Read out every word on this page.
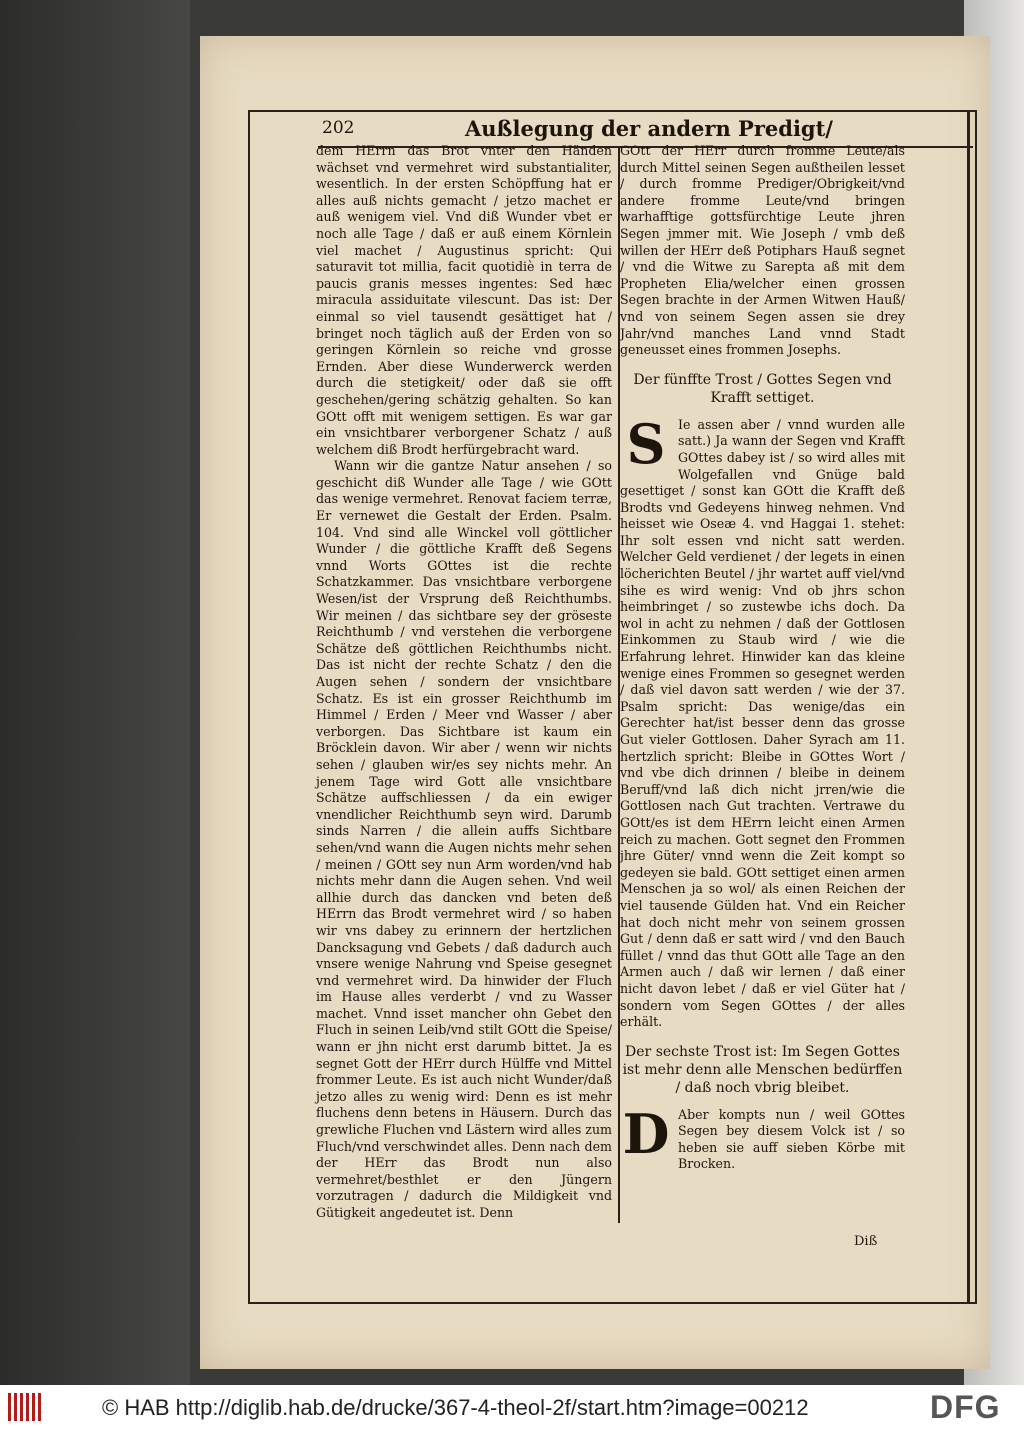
202	Außlegung der andern Predigt/

dem HErrn das Brot vnter den Händen wächset vnd vermehret wird substantialiter, wesentlich. In der ersten Schöpffung hat er alles auß nichts gemacht / jetzo machet er auß wenigem viel. Vnd diß Wunder vbet er noch alle Tage / daß er auß einem Körnlein viel machet / Augustinus spricht: Qui saturavit tot millia, facit quotidiè in terra de paucis granis messes ingentes: Sed hæc miracula assiduitate vilescunt. Das ist: Der einmal so viel tausendt gesättiget hat / bringet noch täglich auß der Erden von so geringen Körnlein so reiche vnd grosse Ernden. Aber diese Wunderwerck werden durch die stetigkeit/ oder daß sie offt geschehen/gering schätzig gehalten. So kan GOtt offt mit wenigem settigen. Es war gar ein vnsichtbarer verborgener Schatz / auß welchem diß Brodt herfürgebracht ward.

Wann wir die gantze Natur ansehen / so geschicht diß Wunder alle Tage / wie GOtt das wenige vermehret. Renovat faciem terræ, Er vernewet die Gestalt der Erden. Psalm. 104. Vnd sind alle Winckel voll göttlicher Wunder / die göttliche Krafft deß Segens vnnd Worts GOttes ist die rechte Schatzkammer. Das vnsichtbare verborgene Wesen/ist der Vrsprung deß Reichthumbs. Wir meinen / das sichtbare sey der gröseste Reichthumb / vnd verstehen die verborgene Schätze deß göttlichen Reichthumbs nicht. Das ist nicht der rechte Schatz / den die Augen sehen / sondern der vnsichtbare Schatz. Es ist ein grosser Reichthumb im Himmel / Erden / Meer vnd Wasser / aber verborgen. Das Sichtbare ist kaum ein Bröcklein davon. Wir aber / wenn wir nichts sehen / glauben wir/es sey nichts mehr. An jenem Tage wird Gott alle vnsichtbare Schätze auffschliessen / da ein ewiger vnendlicher Reichthumb seyn wird. Darumb sinds Narren / die allein auffs Sichtbare sehen/vnd wann die Augen nichts mehr sehen / meinen / GOtt sey nun Arm worden/vnd hab nichts mehr dann die Augen sehen. Vnd weil allhie durch das dancken vnd beten deß HErrn das Brodt vermehret wird / so haben wir vns dabey zu erinnern der hertzlichen Dancksagung vnd Gebets / daß dadurch auch vnsere wenige Nahrung vnd Speise gesegnet vnd vermehret wird. Da hinwider der Fluch im Hause alles verderbt / vnd zu Wasser machet. Vnnd isset mancher ohn Gebet den Fluch in seinen Leib/vnd stilt GOtt die Speise/ wann er jhn nicht erst darumb bittet. Ja es segnet Gott der HErr durch Hülffe vnd Mittel frommer Leute. Es ist auch nicht Wunder/daß jetzo alles zu wenig wird: Denn es ist mehr fluchens denn betens in Häusern. Durch das grewliche Fluchen vnd Lästern wird alles zum Fluch/vnd verschwindet alles. Denn nach dem der HErr das Brodt nun also vermehret/besthlet er den Jüngern vorzutragen / dadurch die Mildigkeit vnd Gütigkeit angedeutet ist. Denn

GOtt der HErr durch fromme Leute/als durch Mittel seinen Segen außtheilen lesset / durch fromme Prediger/Obrigkeit/vnd andere fromme Leute/vnd bringen warhafftige gottsfürchtige Leute jhren Segen jmmer mit. Wie Joseph / vmb deß willen der HErr deß Potiphars Hauß segnet / vnd die Witwe zu Sarepta aß mit dem Propheten Elia/welcher einen grossen Segen brachte in der Armen Witwen Hauß/ vnd von seinem Segen assen sie drey Jahr/vnd manches Land vnnd Stadt geneusset eines frommen Josephs.

Der fünffte Trost / Gottes Segen vnd Krafft settiget.

S Ie assen aber / vnnd wurden alle satt.) Ja wann der Segen vnd Krafft GOttes dabey ist / so wird alles mit Wolgefallen vnd Gnüge bald gesettiget / sonst kan GOtt die Krafft deß Brodts vnd Gedeyens hinweg nehmen. Vnd heisset wie Oseæ 4. vnd Haggai 1. stehet: Ihr solt essen vnd nicht satt werden. Welcher Geld verdienet / der legets in einen löcherichten Beutel / jhr wartet auff viel/vnd sihe es wird wenig: Vnd ob jhrs schon heimbringet / so zustewbe ichs doch. Da wol in acht zu nehmen / daß der Gottlosen Einkommen zu Staub wird / wie die Erfahrung lehret. Hinwider kan das kleine wenige eines Frommen so gesegnet werden / daß viel davon satt werden / wie der 37. Psalm spricht: Das wenige/das ein Gerechter hat/ist besser denn das grosse Gut vieler Gottlosen. Daher Syrach am 11. hertzlich spricht: Bleibe in GOttes Wort / vnd vbe dich drinnen / bleibe in deinem Beruff/vnd laß dich nicht jrren/wie die Gottlosen nach Gut trachten. Vertrawe du GOtt/es ist dem HErrn leicht einen Armen reich zu machen. Gott segnet den Frommen jhre Güter/ vnnd wenn die Zeit kompt so gedeyen sie bald. GOtt settiget einen armen Menschen ja so wol/ als einen Reichen der viel tausende Gülden hat. Vnd ein Reicher hat doch nicht mehr von seinem grossen Gut / denn daß er satt wird / vnd den Bauch füllet / vnnd das thut GOtt alle Tage an den Armen auch / daß wir lernen / daß einer nicht davon lebet / daß er viel Güter hat / sondern vom Segen GOttes / der alles erhält.

Der sechste Trost ist: Im Segen Gottes ist mehr denn alle Menschen bedürffen / daß noch vbrig bleibet.

D Aber kompts nun / weil GOttes Segen bey diesem Volck ist / so heben sie auff sieben Körbe mit Brocken.

Diß
© HAB http://diglib.hab.de/drucke/367-4-theol-2f/start.htm?image=00212	DFG
